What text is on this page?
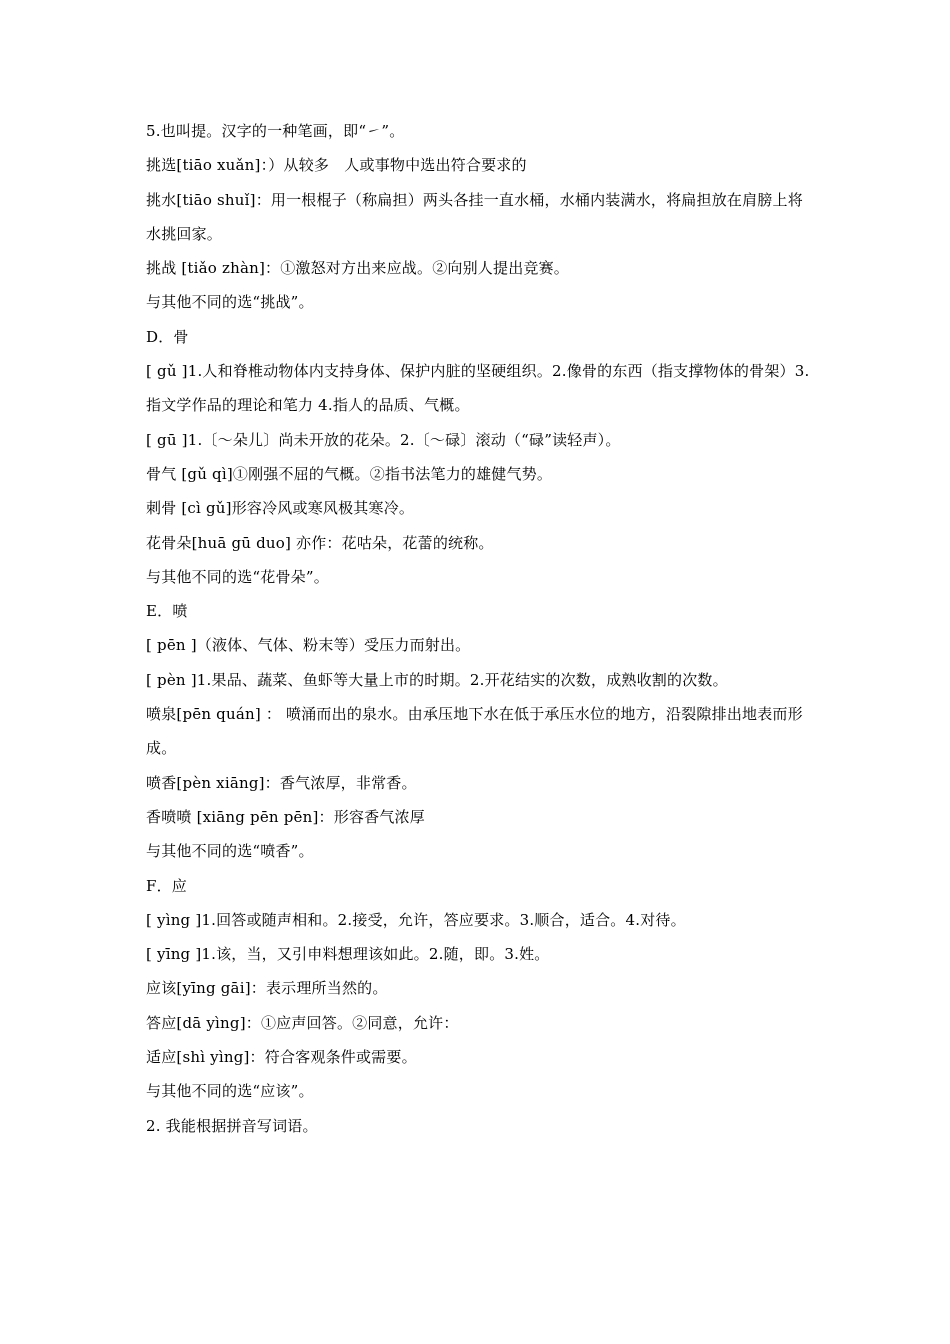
5.也叫提。汉字的一种笔画，即“㇀”。
挑选[tiāo xuǎn]：）从较多　人或事物中选出符合要求的
挑水[tiāo shuǐ]：用一根棍子（称扁担）两头各挂一直水桶，水桶内装满水，将扁担放在肩膀上将水挑回家。
挑战 [tiǎo zhàn]：①激怒对方出来应战。②向别人提出竞赛。
与其他不同的选“挑战”。
D．骨
[ gǔ ]1.人和脊椎动物体内支持身体、保护内脏的坚硬组织。2.像骨的东西（指支撑物体的骨架）3.指文学作品的理论和笔力 4.指人的品质、气概。
[ gū ]1.〔～朵儿〕尚未开放的花朵。2.〔～碌〕滚动（“碌”读轻声）。
骨气 [gǔ qì]①刚强不屈的气概。②指书法笔力的雄健气势。
刺骨 [cì gǔ]形容冷风或寒风极其寒冷。
花骨朵[huā gū duo] 亦作：花咕朵，花蕾的统称。
与其他不同的选“花骨朵”。
E．喷
[ pēn ]（液体、气体、粉末等）受压力而射出。
[ pèn ]1.果品、蔬菜、鱼虾等大量上市的时期。2.开花结实的次数，成熟收割的次数。
喷泉[pēn quán] ： 喷涌而出的泉水。由承压地下水在低于承压水位的地方，沿裂隙排出地表而形成。
喷香[pèn xiāng]：香气浓厚，非常香。
香喷喷 [xiāng pēn pēn]：形容香气浓厚
与其他不同的选“喷香”。
F．应
[ yìng ]1.回答或随声相和。2.接受，允许，答应要求。3.顺合，适合。4.对待。
[ yīng ]1.该，当，又引申料想理该如此。2.随，即。3.姓。
应该[yīng gāi]：表示理所当然的。
答应[dā yìng]：①应声回答。②同意，允许：
适应[shì yìng]：符合客观条件或需要。
与其他不同的选“应该”。
2. 我能根据拼音写词语。
